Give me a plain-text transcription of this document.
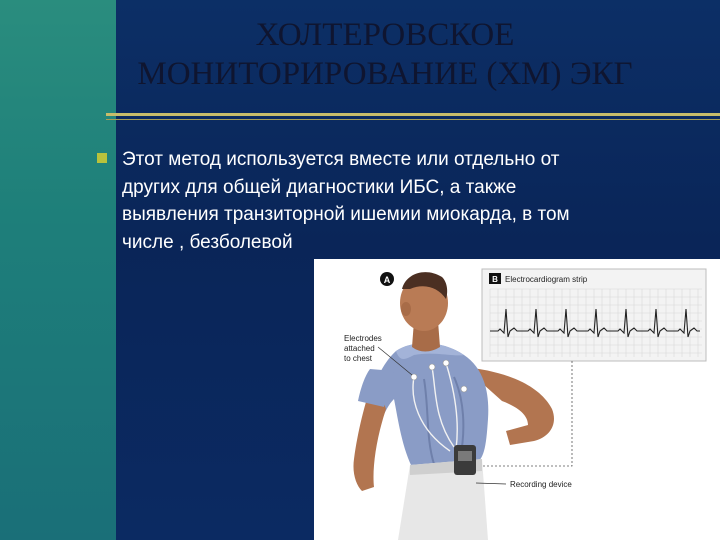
ХОЛТЕРОВСКОЕ
МОНИТОРИРОВАНИЕ (ХМ) ЭКГ
Этот метод используется вместе или отдельно от
других для общей диагностики ИБС, а также
выявления транзиторной ишемии миокарда, в том
числе , безболевой
A	B Electrocardiogram strip
Electrodes
attached
to chest
Recording device
